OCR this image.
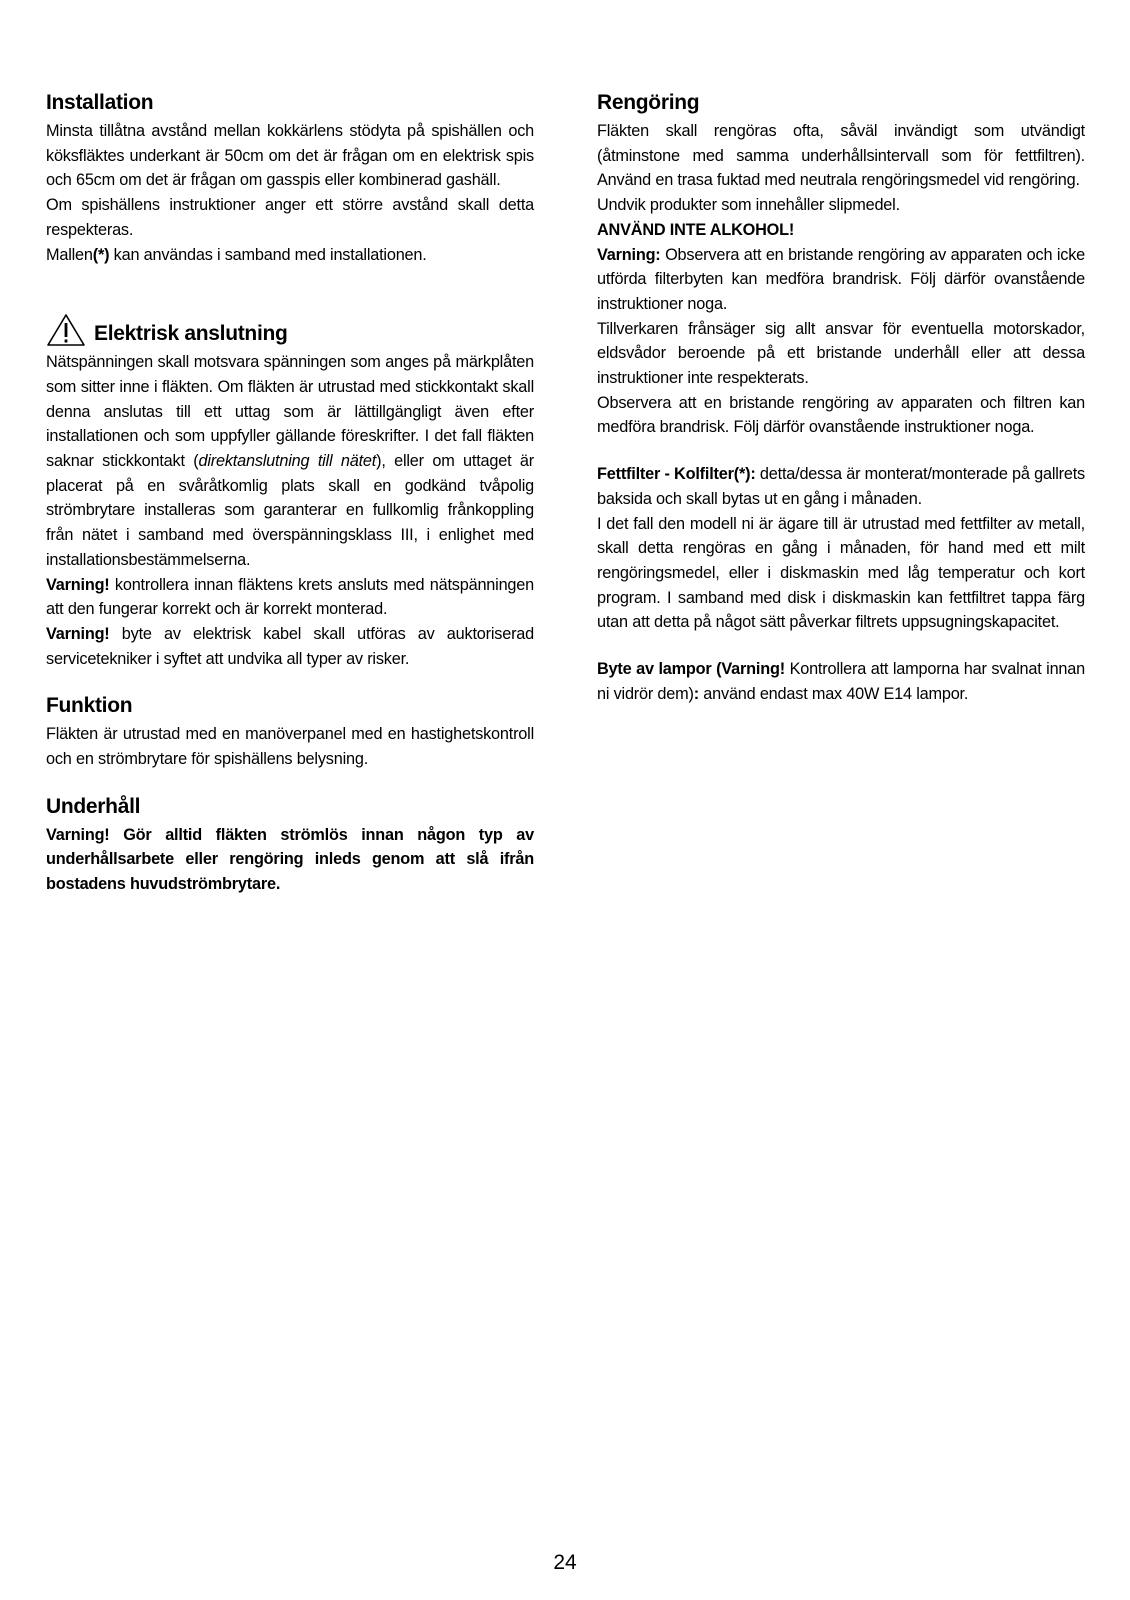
Installation

Minsta tillåtna avstånd mellan kokkärlens stödyta på spishällen och köksfläktes underkant är 50cm om det är frågan om en elektrisk spis och 65cm om det är frågan om gasspis eller kombinerad gashäll.

Om spishällens instruktioner anger ett större avstånd skall detta respekteras.

Mallen(*) kan användas i samband med installationen.

Elektrisk anslutning

Nätspänningen skall motsvara spänningen som anges på märkplåten som sitter inne i fläkten. Om fläkten är utrustad med stickkontakt skall denna anslutas till ett uttag som är lättillgängligt även efter installationen och som uppfyller gällande föreskrifter. I det fall fläkten saknar stickkontakt (direktanslutning till nätet), eller om uttaget är placerat på en svåråtkomlig plats skall en godkänd tvåpolig strömbrytare installeras som garanterar en fullkomlig frånkoppling från nätet i samband med överspänningsklass III, i enlighet med installationsbestämmelserna.

Varning! kontrollera innan fläktens krets ansluts med nätspänningen att den fungerar korrekt och är korrekt monterad.

Varning! byte av elektrisk kabel skall utföras av auktoriserad servicetekniker i syftet att undvika all typer av risker.

Funktion

Fläkten är utrustad med en manöverpanel med en hastighetskontroll och en strömbrytare för spishällens belysning.

Underhåll

Varning! Gör alltid fläkten strömlös innan någon typ av underhållsarbete eller rengöring inleds genom att slå ifrån bostadens huvudströmbrytare.

Rengöring

Fläkten skall rengöras ofta, såväl invändigt som utvändigt (åtminstone med samma underhållsintervall som för fettfiltren). Använd en trasa fuktad med neutrala rengöringsmedel vid rengöring.

Undvik produkter som innehåller slipmedel.

ANVÄND INTE ALKOHOL!

Varning: Observera att en bristande rengöring av apparaten och icke utförda filterbyten kan medföra brandrisk. Följ därför ovanstående instruktioner noga.

Tillverkaren frånsäger sig allt ansvar för eventuella motorskador, eldsvådor beroende på ett bristande underhåll eller att dessa instruktioner inte respekterats.

Observera att en bristande rengöring av apparaten och filtren kan medföra brandrisk. Följ därför ovanstående instruktioner noga.

Fettfilter - Kolfilter(*): detta/dessa är monterat/monterade på gallrets baksida och skall bytas ut en gång i månaden.

I det fall den modell ni är ägare till är utrustad med fettfilter av metall, skall detta rengöras en gång i månaden, för hand med ett milt rengöringsmedel, eller i diskmaskin med låg temperatur och kort program. I samband med disk i diskmaskin kan fettfiltret tappa färg utan att detta på något sätt påverkar filtrets uppsugningskapacitet.

Byte av lampor (Varning! Kontrollera att lamporna har svalnat innan ni vidrör dem): använd endast max 40W E14 lampor.

24
